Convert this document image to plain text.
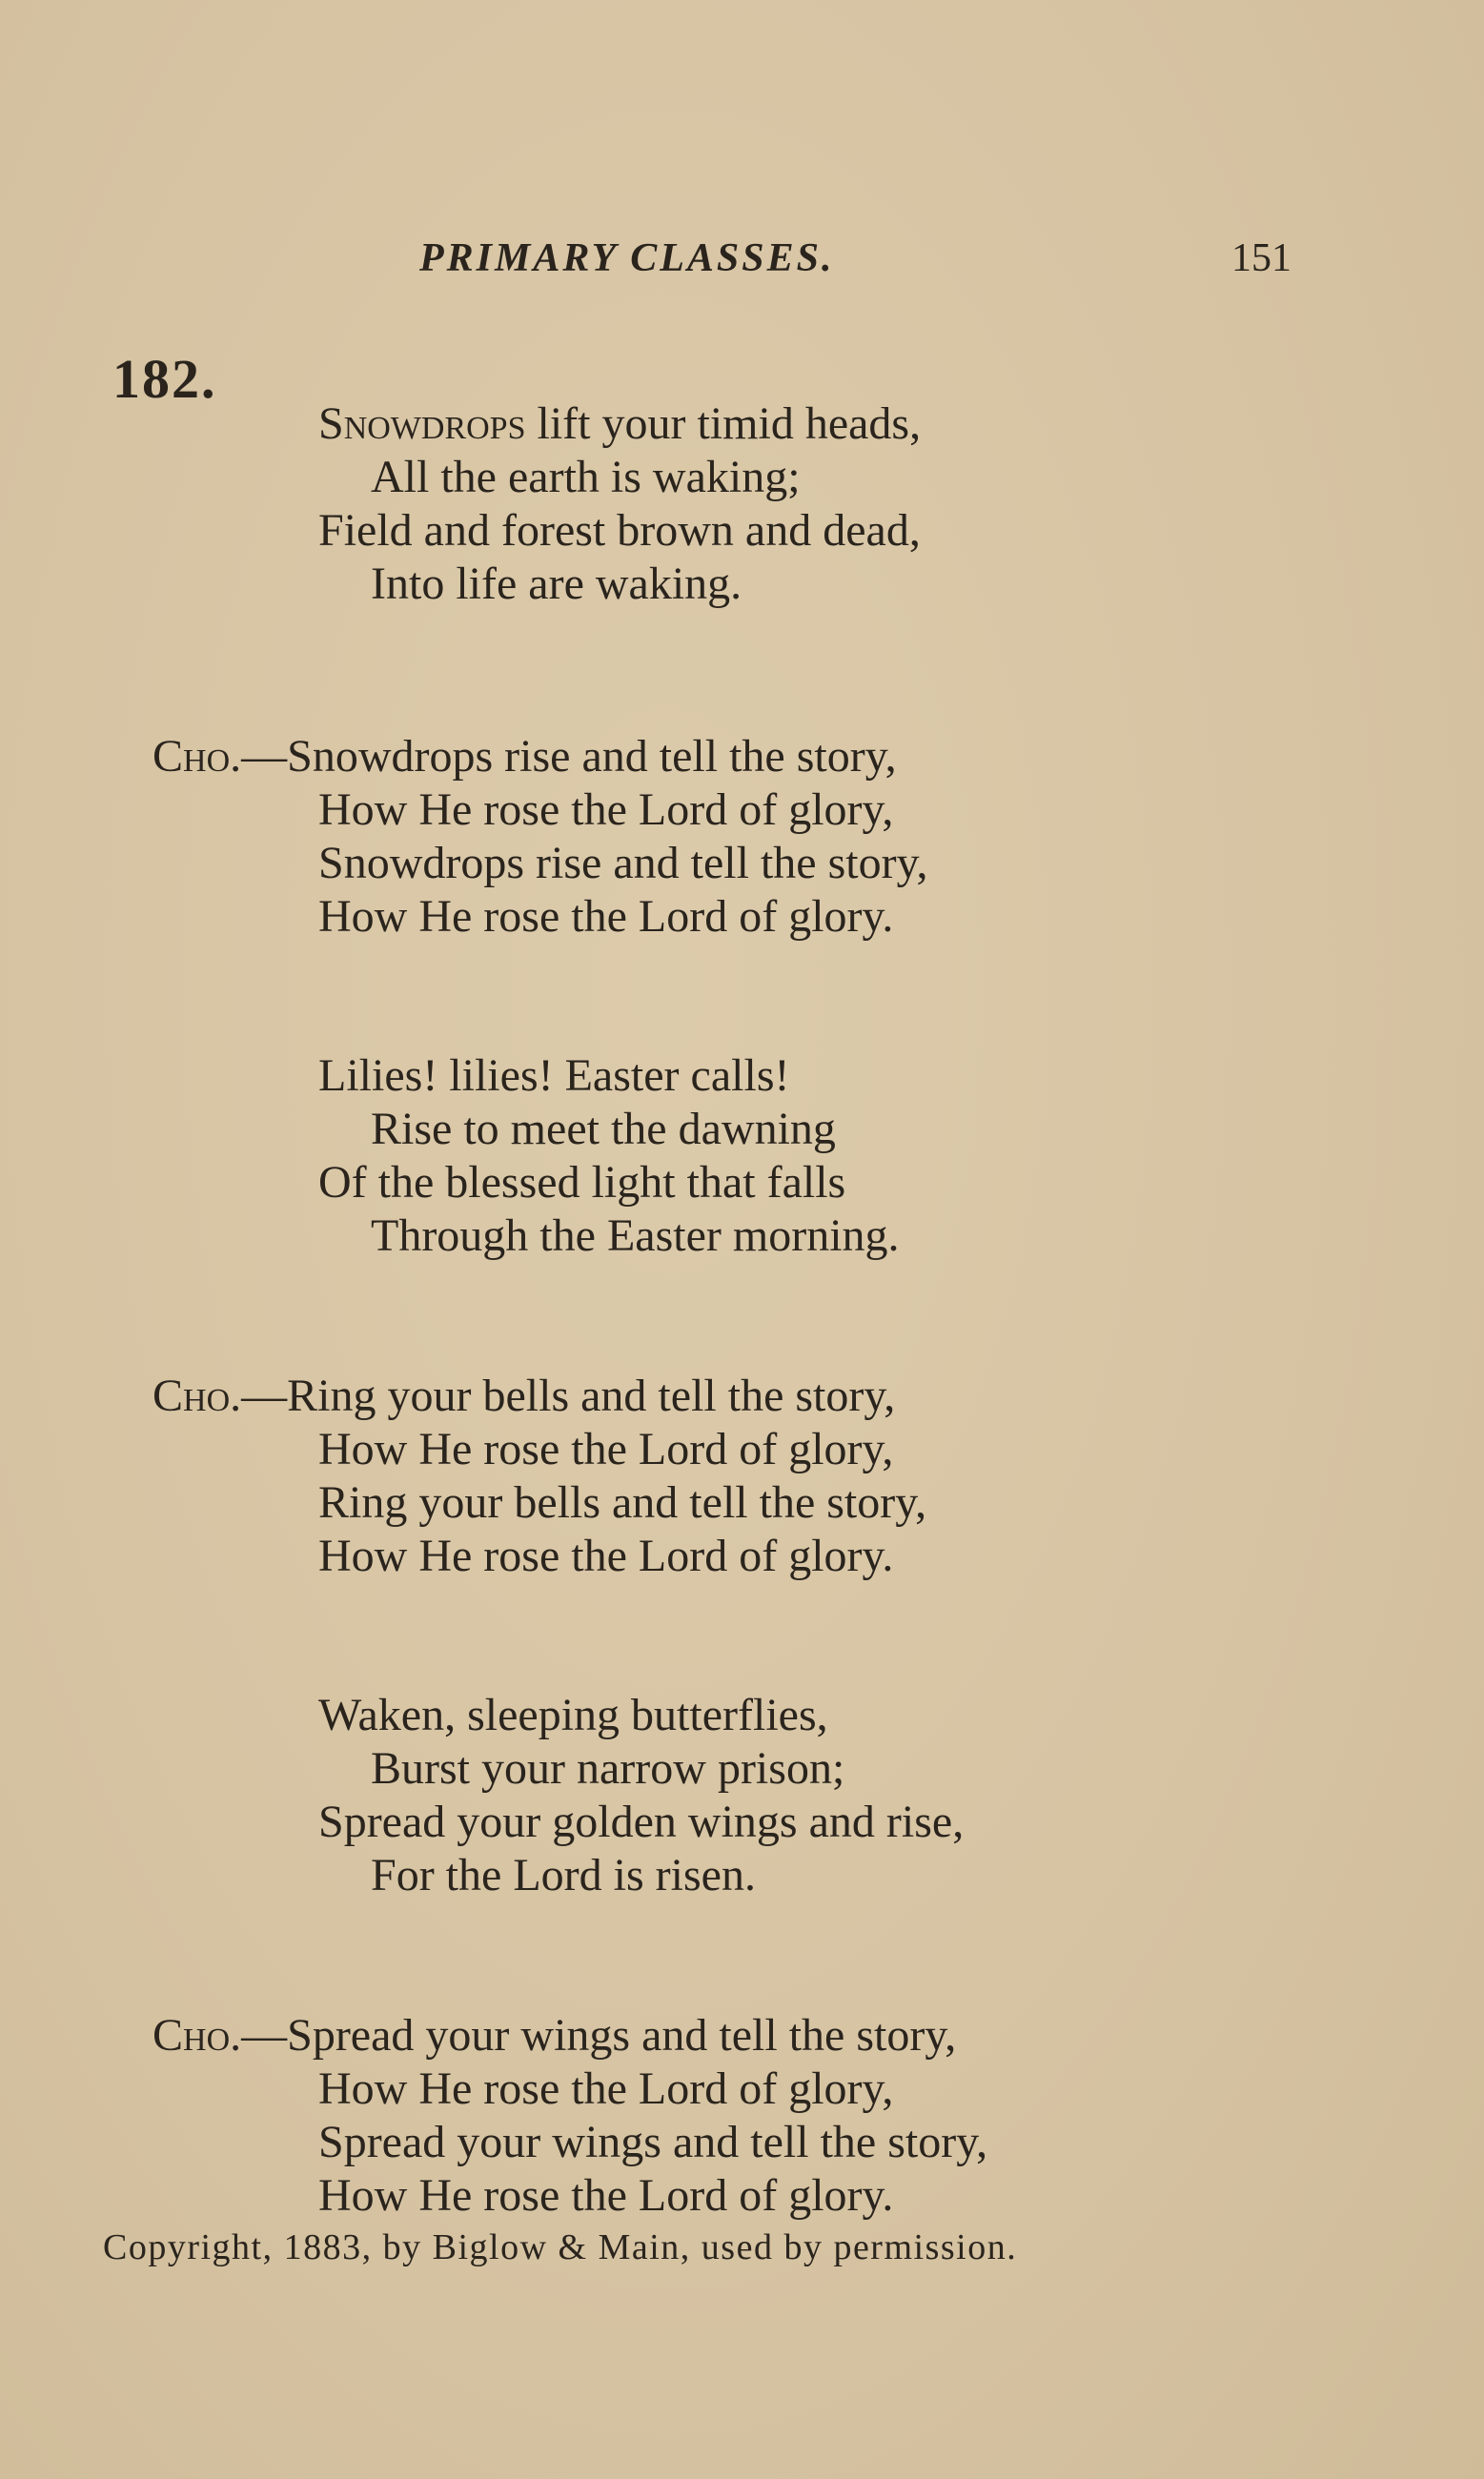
PRIMARY CLASSES.	151
182.
Snowdrops lift your timid heads,
All the earth is waking;
Field and forest brown and dead,
Into life are waking.
Cho.—Snowdrops rise and tell the story,
How He rose the Lord of glory,
Snowdrops rise and tell the story,
How He rose the Lord of glory.
Lilies! lilies! Easter calls!
Rise to meet the dawning
Of the blessed light that falls
Through the Easter morning.
Cho.—Ring your bells and tell the story,
How He rose the Lord of glory,
Ring your bells and tell the story,
How He rose the Lord of glory.
Waken, sleeping butterflies,
Burst your narrow prison;
Spread your golden wings and rise,
For the Lord is risen.
Cho.—Spread your wings and tell the story,
How He rose the Lord of glory,
Spread your wings and tell the story,
How He rose the Lord of glory.
Copyright, 1883, by Biglow & Main, used by permission.
